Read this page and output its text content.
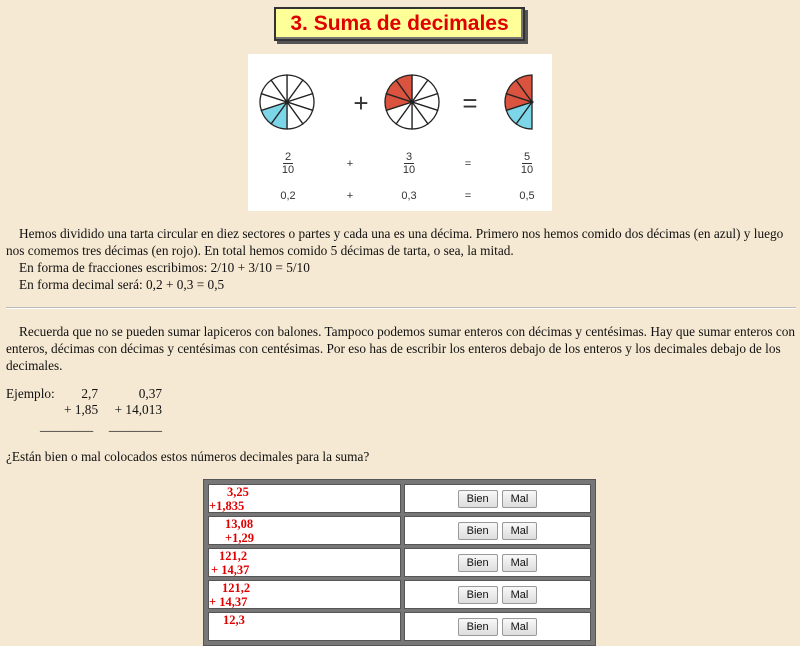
3. Suma de decimales
+	=
$\frac{2}{10}$	+	$\frac{3}{10}$	=	$\frac{5}{10}$
0,2	+	0,3	=	0,5

Hemos dividido una tarta circular en diez sectores o partes y cada una es una décima. Primero nos hemos comido dos décimas (en azul) y luego nos comemos tres décimas (en rojo). En total hemos comido 5 décimas de tarta, o sea, la mitad.

En forma de fracciones escribimos: 2/10 + 3/10 = 5/10

En forma decimal será: 0,2 + 0,3 = 0,5

Recuerda que no se pueden sumar lapiceros con balones. Tampoco podemos sumar enteros con décimas y centésimas. Hay que sumar enteros con enteros, décimas con décimas y centésimas con centésimas. Por eso has de escribir los enteros debajo de los enteros y los decimales debajo de los decimales.

Ejemplo:	2,7	0,37
+ 1,85	+ 14,013
________	________

¿Están bien o mal colocados estos números decimales para la suma?

3,25
+1,835	Bien	Mal
13,08
+1,29	Bien	Mal
121,2
+ 14,37	Bien	Mal
121,2
+ 14,37	Bien	Mal
12,3	Bien	Mal
